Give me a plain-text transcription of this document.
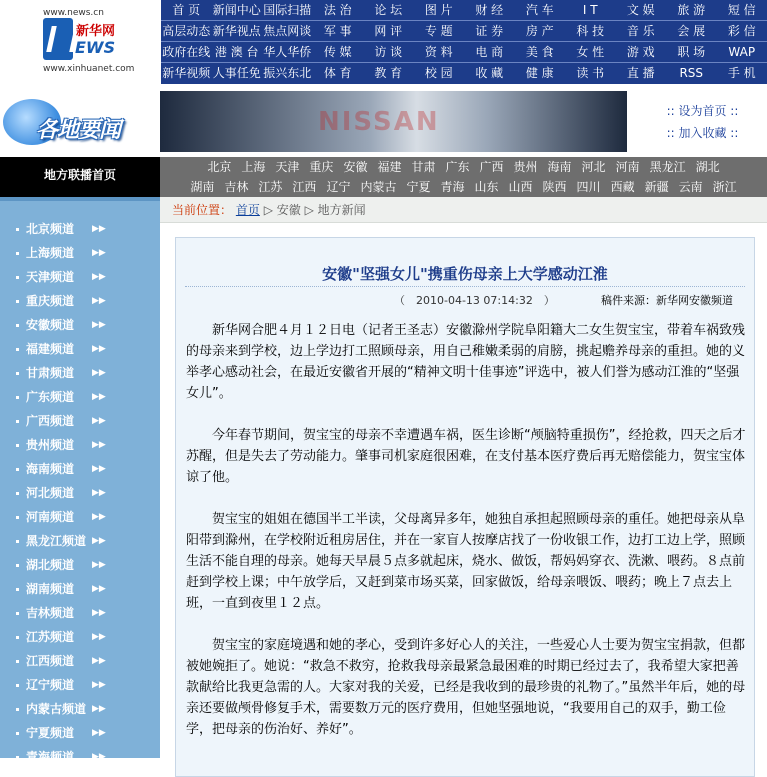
www.news.cn
新华网
EWS
www.xinhuanet.com
首 页	新闻中心 国际扫描	法 治	论 坛	图 片	财 经	汽 车	I T	文 娱	旅 游	短 信
高层动态 新华视点 焦点网谈	军 事	网 评	专 题	证 券	房 产	科 技	音 乐	会 展	彩 信
政府在线 港 澳 台 华人华侨	传 媒	访 谈	资 料	电 商	美 食	女 性	游 戏	职 场	WAP
新华视频 人事任免 振兴东北	体 育	教 育	校 园	收 藏	健 康	读 书	直 播	RSS	手 机
各地要闻	NISSAN	:: 设为首页 ::
:: 加入收藏 ::
地方联播首页
北京 上海 天津 重庆 安徽 福建 甘肃 广东 广西 贵州 海南 河北 河南 黑龙江 湖北
湖南 吉林 江苏 江西 辽宁 内蒙古 宁夏 青海 山东 山西 陕西 四川 西藏 新疆 云南 浙江
北京频道 ▶▶
上海频道 ▶▶
天津频道 ▶▶
重庆频道 ▶▶
安徽频道 ▶▶
福建频道 ▶▶
甘肃频道 ▶▶
广东频道 ▶▶
广西频道 ▶▶
贵州频道 ▶▶
海南频道 ▶▶
河北频道 ▶▶
河南频道 ▶▶
黑龙江频道 ▶▶
湖北频道 ▶▶
湖南频道 ▶▶
吉林频道 ▶▶
江苏频道 ▶▶
江西频道 ▶▶
辽宁频道 ▶▶
内蒙古频道 ▶▶
宁夏频道 ▶▶
青海频道 ▶▶
当前位置： 首页 ▷ 安徽 ▷ 地方新闻
安徽"坚强女儿"携重伤母亲上大学感动江淮
（　2010-04-13 07:14:32　）	稿件来源：新华网安徽频道

新华网合肥４月１２日电（记者王圣志）安徽滁州学院阜阳籍大二女生贺宝宝，带着车祸致残的母亲来到学校，边上学边打工照顾母亲，用自己稚嫩柔弱的肩膀，挑起赡养母亲的重担。她的义举孝心感动社会，在最近安徽省开展的“精神文明十佳事迹”评选中，被人们誉为感动江淮的“坚强女儿”。

今年春节期间，贺宝宝的母亲不幸遭遇车祸，医生诊断“颅脑特重损伤”，经抢救，四天之后才苏醒，但是失去了劳动能力。肇事司机家庭很困难，在支付基本医疗费后再无赔偿能力，贺宝宝体谅了他。

贺宝宝的姐姐在德国半工半读，父母离异多年，她独自承担起照顾母亲的重任。她把母亲从阜阳带到滁州，在学校附近租房居住，并在一家盲人按摩店找了一份收银工作，边打工边上学，照顾生活不能自理的母亲。她每天早晨５点多就起床，烧水、做饭，帮妈妈穿衣、洗漱、喂药。８点前赶到学校上课；中午放学后，又赶到菜市场买菜，回家做饭，给母亲喂饭、喂药；晚上７点去上班，一直到夜里１２点。

贺宝宝的家庭境遇和她的孝心，受到许多好心人的关注，一些爱心人士要为贺宝宝捐款，但都被她婉拒了。她说：“救急不救穷，抢救我母亲最紧急最困难的时期已经过去了，我希望大家把善款献给比我更急需的人。大家对我的关爱，已经是我收到的最珍贵的礼物了。”虽然半年后，她的母亲还要做颅骨修复手术，需要数万元的医疗费用，但她坚强地说，“我要用自己的双手，勤工俭学，把母亲的伤治好、养好”。
